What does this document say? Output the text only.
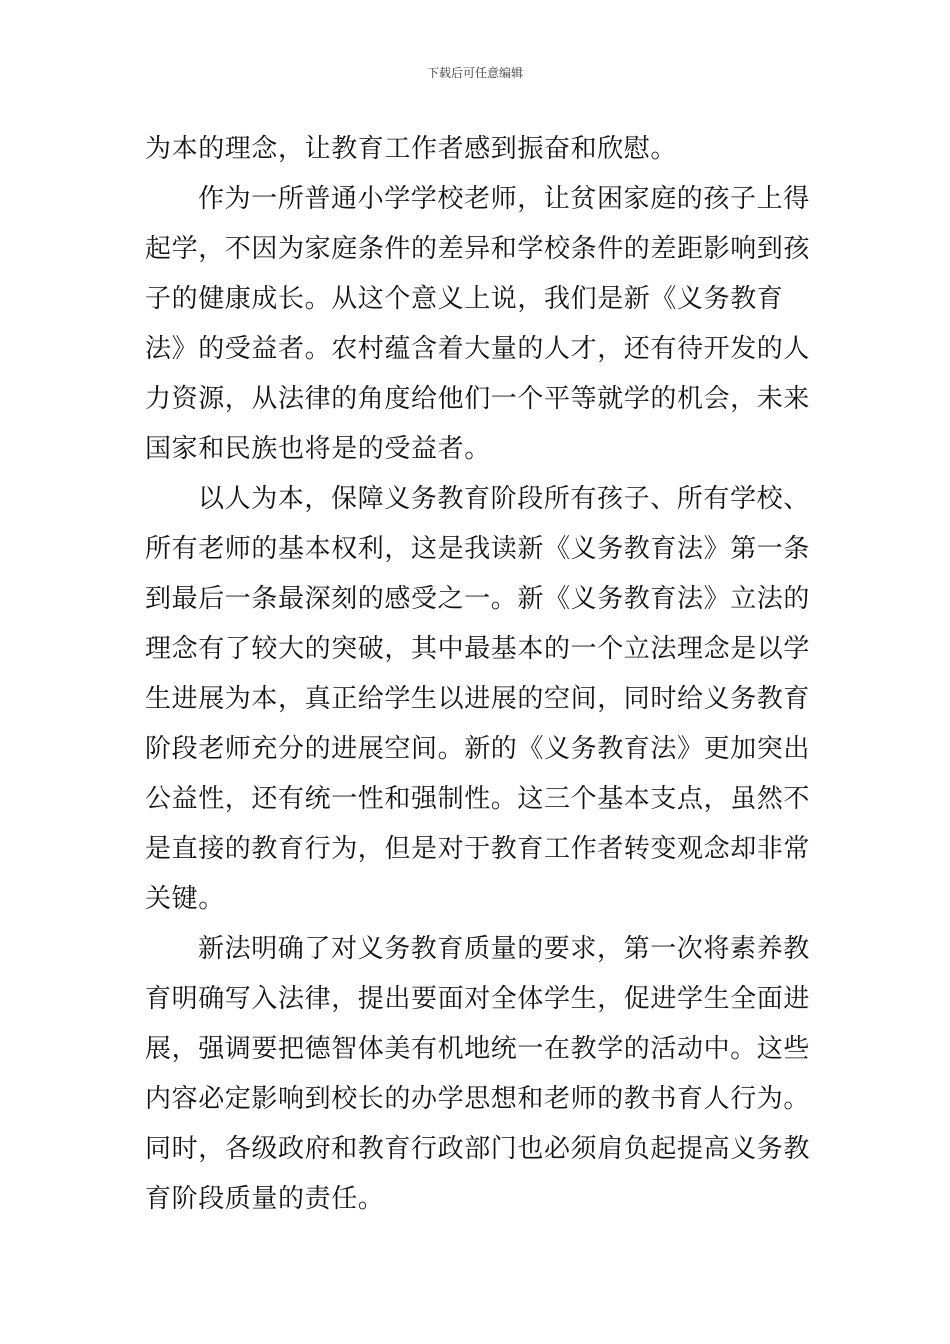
下载后可任意编辑
为本的理念，让教育工作者感到振奋和欣慰。
作为一所普通小学学校老师，让贫困家庭的孩子上得
起学，不因为家庭条件的差异和学校条件的差距影响到孩
子的健康成长。从这个意义上说，我们是新《义务教育
法》的受益者。农村蕴含着大量的人才，还有待开发的人
力资源，从法律的角度给他们一个平等就学的机会，未来
国家和民族也将是的受益者。
以人为本，保障义务教育阶段所有孩子、所有学校、
所有老师的基本权利，这是我读新《义务教育法》第一条
到最后一条最深刻的感受之一。新《义务教育法》立法的
理念有了较大的突破，其中最基本的一个立法理念是以学
生进展为本，真正给学生以进展的空间，同时给义务教育
阶段老师充分的进展空间。新的《义务教育法》更加突出
公益性，还有统一性和强制性。这三个基本支点，虽然不
是直接的教育行为，但是对于教育工作者转变观念却非常
关键。
新法明确了对义务教育质量的要求，第一次将素养教
育明确写入法律，提出要面对全体学生，促进学生全面进
展，强调要把德智体美有机地统一在教学的活动中。这些
内容必定影响到校长的办学思想和老师的教书育人行为。
同时，各级政府和教育行政部门也必须肩负起提高义务教
育阶段质量的责任。
